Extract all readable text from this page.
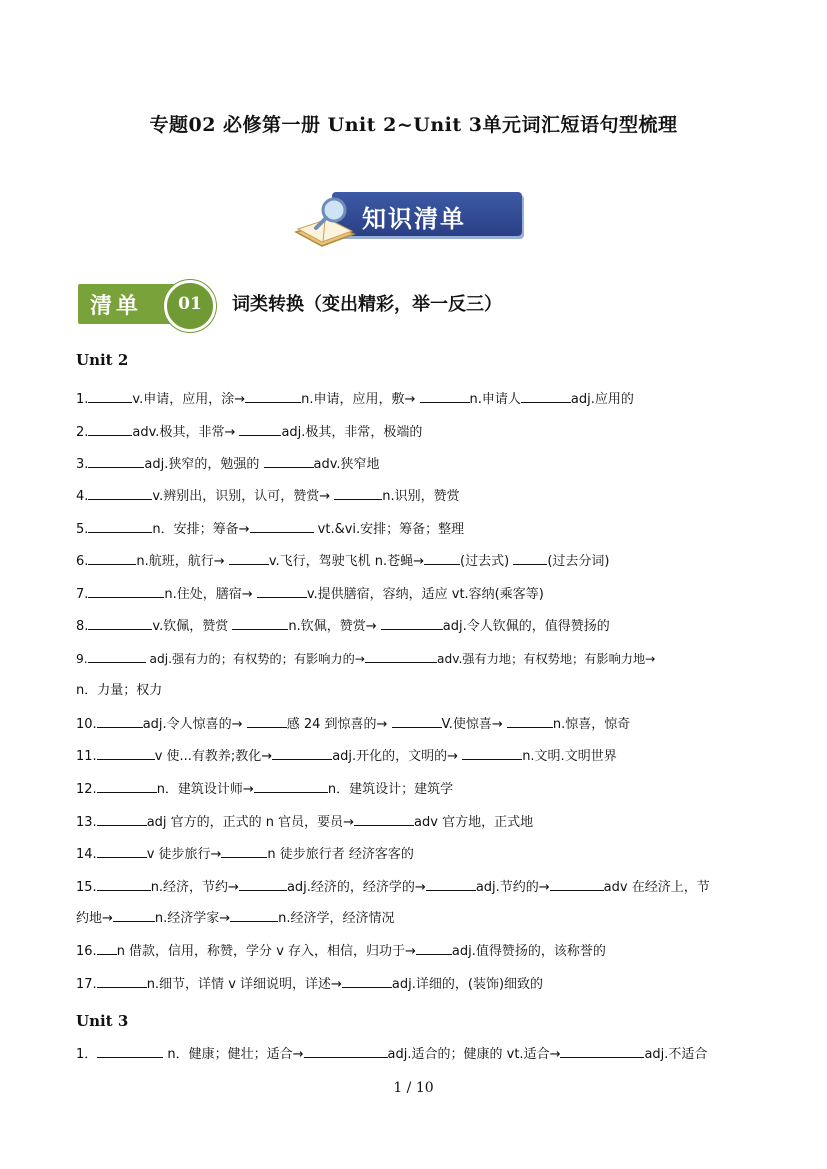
专题02 必修第一册 Unit 2~Unit 3单元词汇短语句型梳理
知识清单
清单	01	词类转换（变出精彩，举一反三）
Unit 2
1.	v.申请，应用，涂→	n.申请，应用，敷→	n.申请人	adj.应用的
2.	adv.极其，非常→	adj.极其，非常，极端的
3.	adj.狭窄的，勉强的	adv.狭窄地
4.	v.辨别出，识别，认可，赞赏→	n.识别，赞赏
5.	n．安排；筹备→	vt.&vi.安排；筹备；整理
6.	n.航班，航行→	v.飞行，驾驶飞机 n.苍蝇→	(过去式)	(过去分词)
7.	n.住处，膳宿→	v.提供膳宿，容纳，适应 vt.容纳(乘客等)
8.	v.钦佩，赞赏	n.钦佩，赞赏→	adj.令人钦佩的，值得赞扬的
9.	adj.强有力的；有权势的；有影响力的→	adv.强有力地；有权势地；有影响力地→
n．力量；权力
10.	adj.令人惊喜的→	感 24 到惊喜的→	V.使惊喜→	n.惊喜，惊奇
11.	v 使...有教养;教化→	adj.开化的，文明的→	n.文明.文明世界
12.	n．建筑设计师→	n．建筑设计；建筑学
13.	adj 官方的，正式的 n 官员，要员→	adv 官方地，正式地
14.	v 徒步旅行→	n 徒步旅行者 经济客客的
15.	n.经济，节约→	adj.经济的，经济学的→	adj.节约的→	adv 在经济上，节
约地→	n.经济学家→	n.经济学，经济情况
16. n 借款，信用，称赞，学分 v 存入，相信，归功于→	adj.值得赞扬的，该称誉的
17.	n.细节，详情 v 详细说明，详述→	adj.详细的，(装饰)细致的
Unit 3
1．	n．健康；健壮；适合→	adj.适合的；健康的 vt.适合→	adj.不适合
1 / 10
